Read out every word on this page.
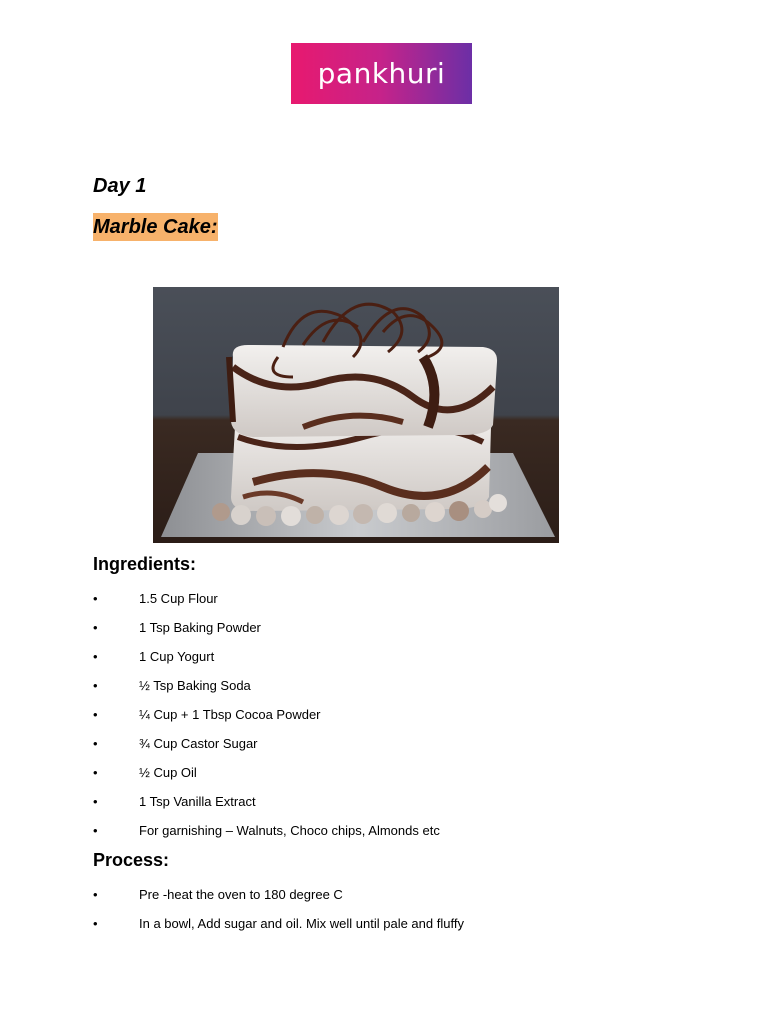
pankhuri
Day 1
Marble Cake:
Ingredients:
•	1.5 Cup Flour
•	1 Tsp Baking Powder
•	1 Cup Yogurt
•	½ Tsp Baking Soda
•	¼ Cup + 1 Tbsp Cocoa Powder
•	¾ Cup Castor Sugar
•	½ Cup Oil
•	1 Tsp Vanilla Extract
•	For garnishing – Walnuts, Choco chips, Almonds etc
Process:
•	Pre -heat the oven to 180 degree C
•	In a bowl, Add sugar and oil. Mix well until pale and fluffy
